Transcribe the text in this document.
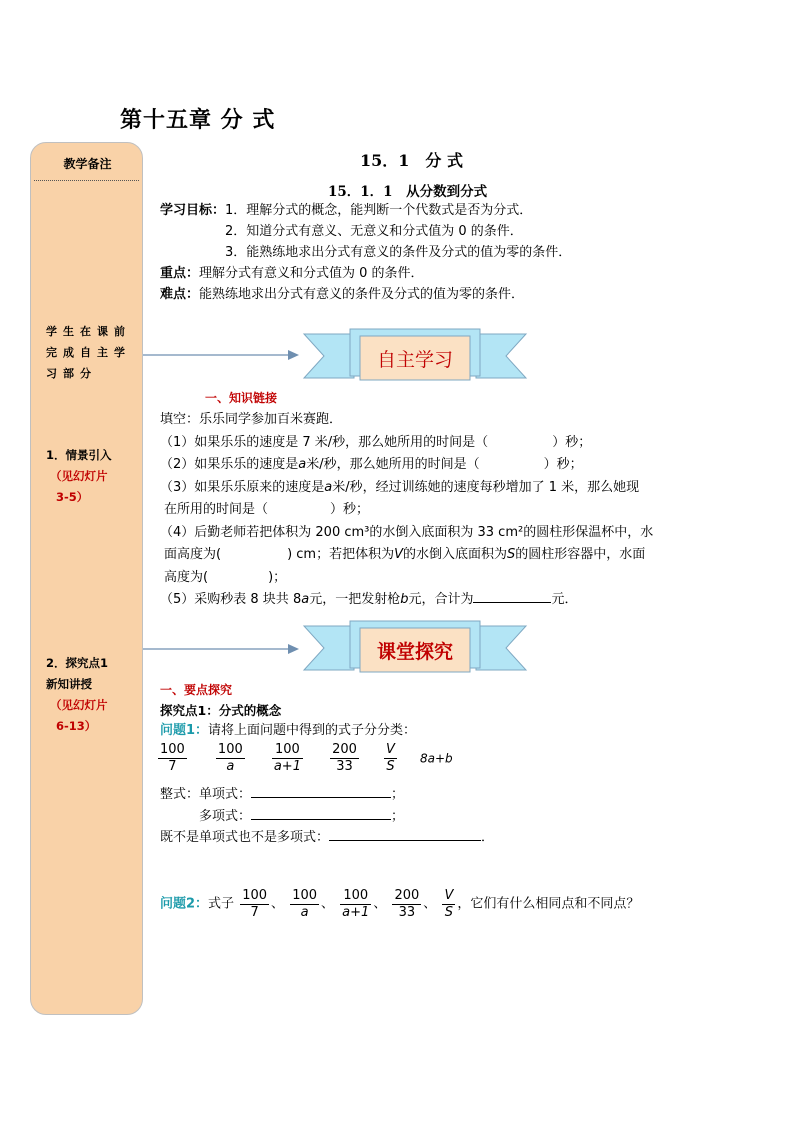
第十五章 分 式
教学备注
学生在课前
完成自主学
习部分
1．情景引入
（见幻灯片
3-5）
2．探究点1
新知讲授
（见幻灯片
6-13）
15．1　分 式
15．1．1　从分数到分式
学习目标：1．理解分式的概念，能判断一个代数式是否为分式．
2．知道分式有意义、无意义和分式值为 0 的条件．
3．能熟练地求出分式有意义的条件及分式的值为零的条件．
重点：理解分式有意义和分式值为 0 的条件．
难点：能熟练地求出分式有意义的条件及分式的值为零的条件．
自主学习
一、知识链接
填空：乐乐同学参加百米赛跑．
（1）如果乐乐的速度是 7 米/秒，那么她所用的时间是（	）秒；
（2）如果乐乐的速度是a米/秒，那么她所用的时间是（	）秒；
（3）如果乐乐原来的速度是a米/秒，经过训练她的速度每秒增加了 1 米，那么她现
在所用的时间是（	）秒；
（4）后勤老师若把体积为 200 cm³的水倒入底面积为 33 cm²的圆柱形保温杯中，水
面高度为(	) cm；若把体积为V的水倒入底面积为S的圆柱形容器中，水面
高度为(	)；
（5）采购秒表 8 块共 8a元，一把发射枪b元，合计为	元．
课堂探究
一、要点探究
探究点1：分式的概念
问题1：请将上面问题中得到的式子分分类：
$\frac{100}{7}$
$\frac{100}{a}$
$\frac{100}{a+1}$
$\frac{200}{33}$
$\frac{V}{S} 8a+b$
整式：单项式：	；
多项式：	；
既不是单项式也不是多项式：	．
问题2：式子 $\frac{100}{7}$ 、 $\frac{100}{a}$ 、 $\frac{100}{a+1}$ 、 $\frac{200}{33}$ 、 $\frac{V}{S}$ ，它们有什么相同点和不同点？
